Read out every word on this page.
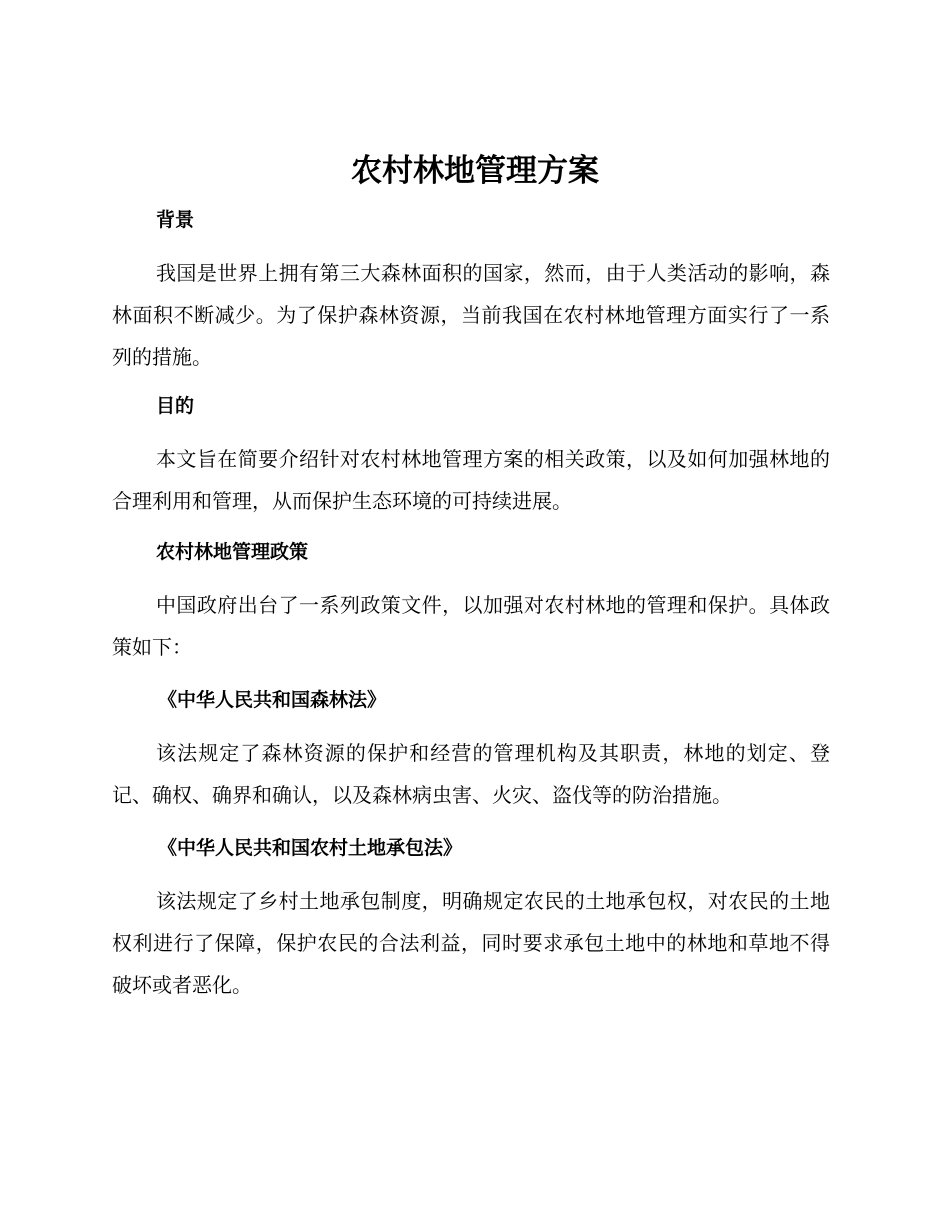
农村林地管理方案

背景

我国是世界上拥有第三大森林面积的国家，然而，由于人类活动的影响，森林面积不断减少。为了保护森林资源，当前我国在农村林地管理方面实行了一系列的措施。

目的

本文旨在简要介绍针对农村林地管理方案的相关政策，以及如何加强林地的合理利用和管理，从而保护生态环境的可持续进展。

农村林地管理政策

中国政府出台了一系列政策文件，以加强对农村林地的管理和保护。具体政策如下：

《中华人民共和国森林法》

该法规定了森林资源的保护和经营的管理机构及其职责，林地的划定、登记、确权、确界和确认，以及森林病虫害、火灾、盗伐等的防治措施。

《中华人民共和国农村土地承包法》

该法规定了乡村土地承包制度，明确规定农民的土地承包权，对农民的土地权利进行了保障，保护农民的合法利益，同时要求承包土地中的林地和草地不得破坏或者恶化。
